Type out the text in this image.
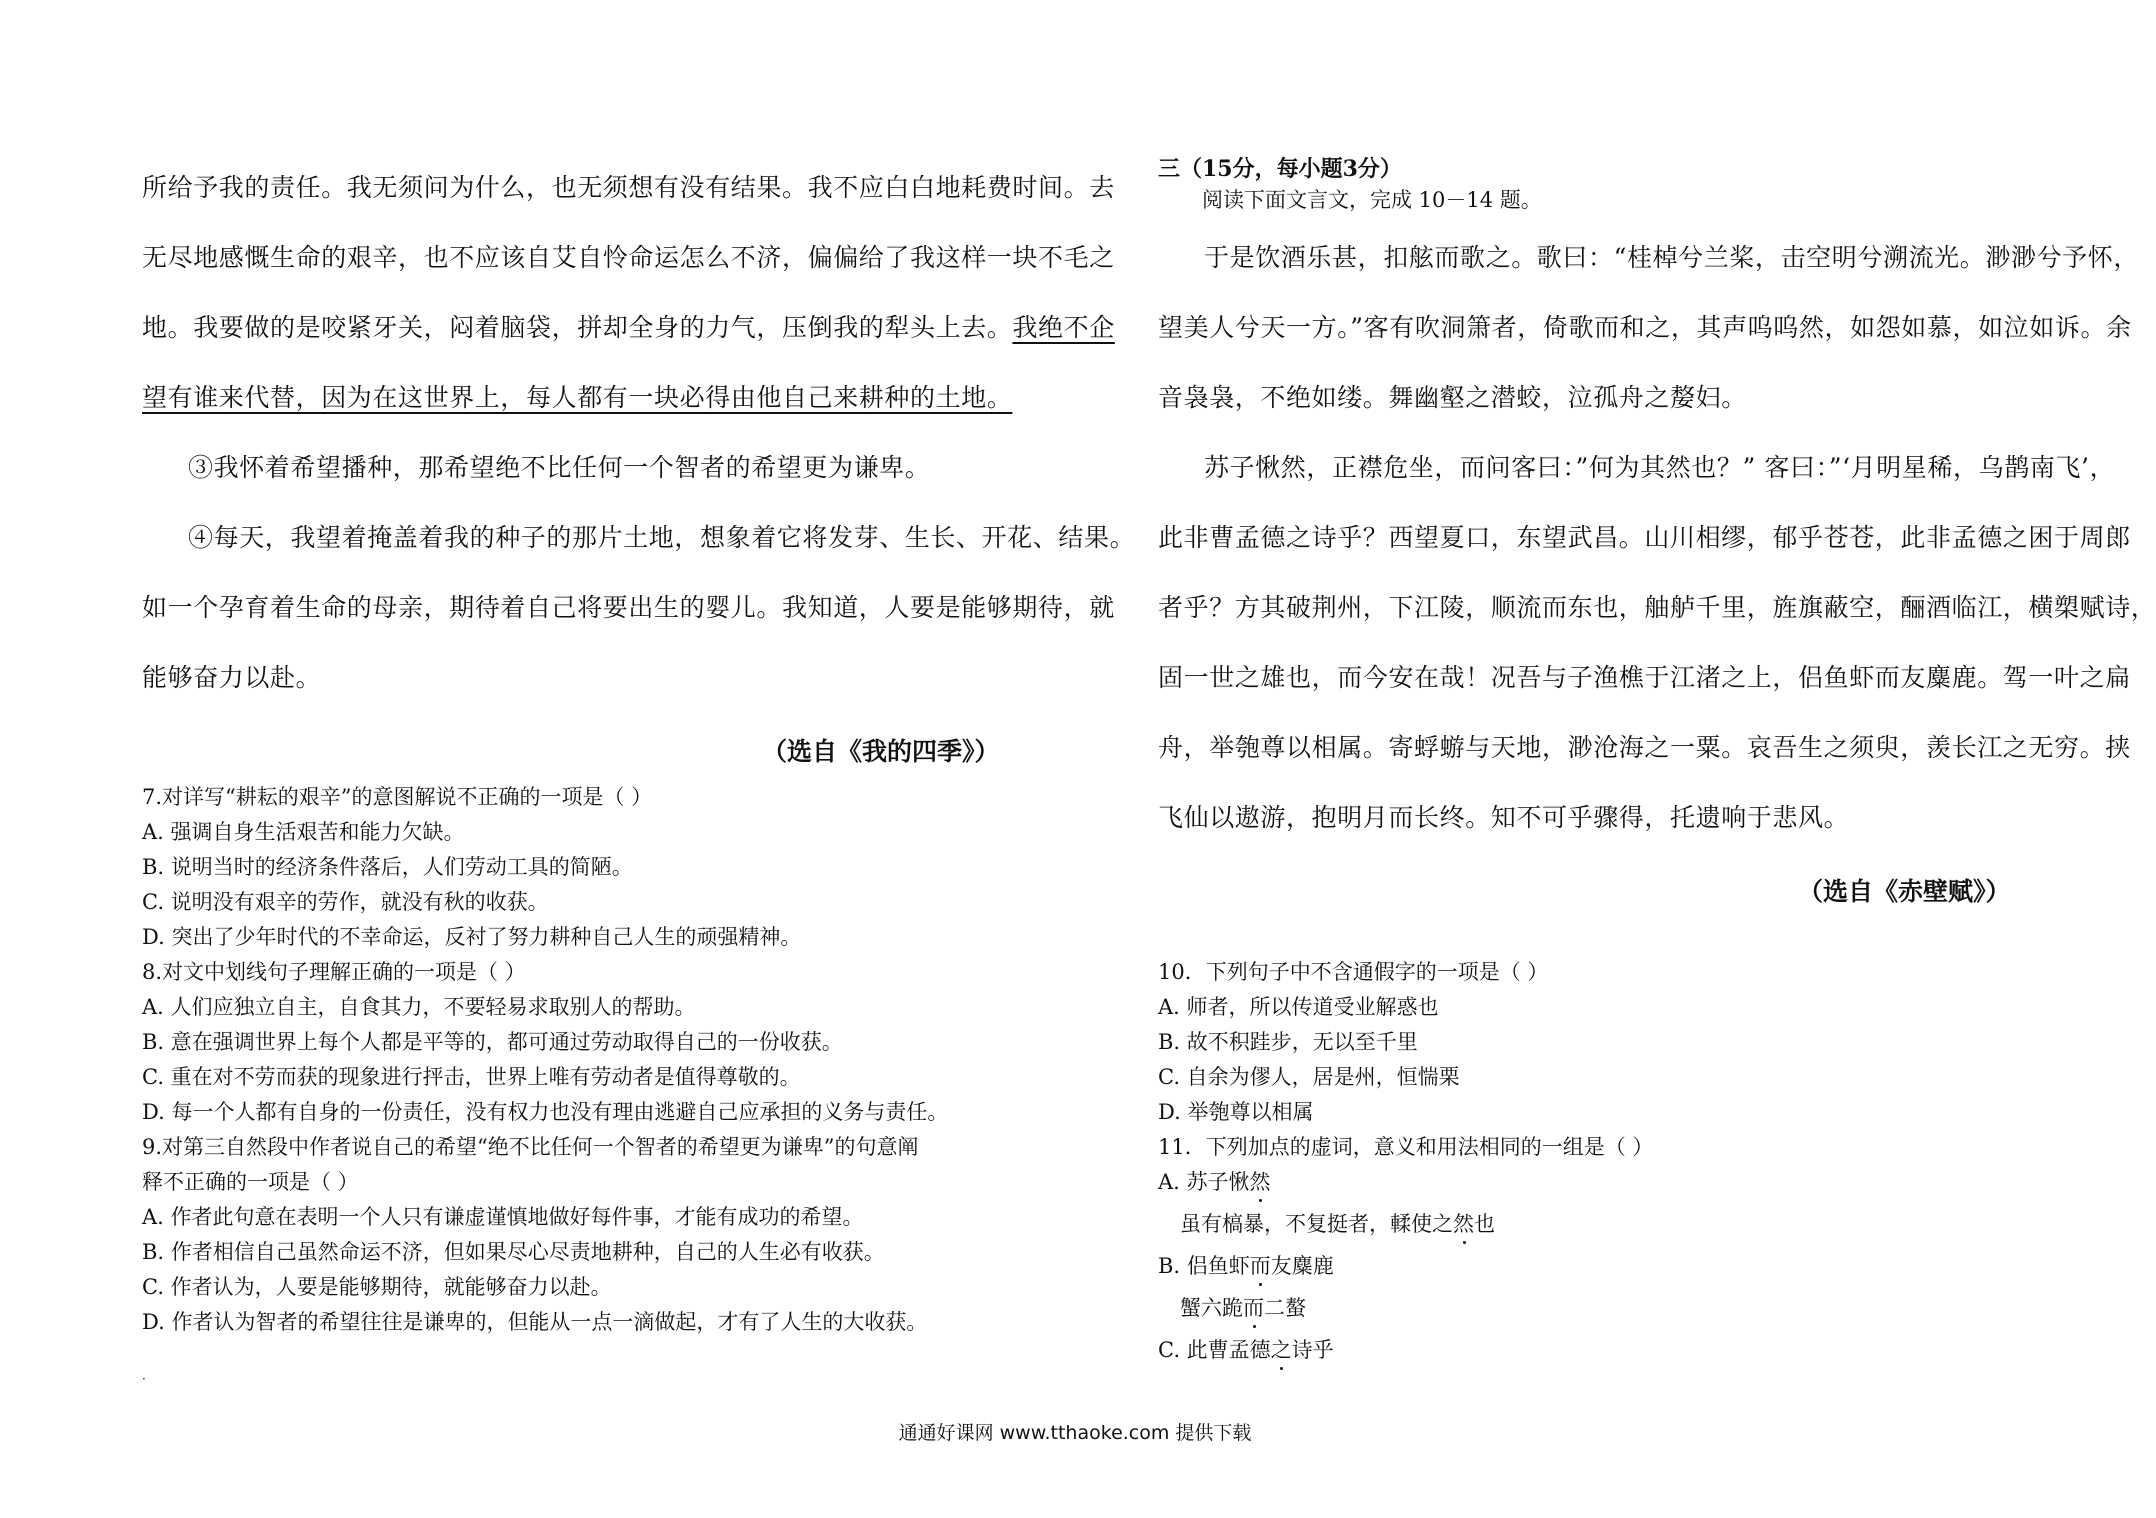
所给予我的责任。我无须问为什么，也无须想有没有结果。我不应白白地耗费时间。去
无尽地感慨生命的艰辛，也不应该自艾自怜命运怎么不济，偏偏给了我这样一块不毛之
地。我要做的是咬紧牙关，闷着脑袋，拼却全身的力气，压倒我的犁头上去。我绝不企
望有谁来代替，因为在这世界上，每人都有一块必得由他自己来耕种的土地。
③我怀着希望播种，那希望绝不比任何一个智者的希望更为谦卑。
④每天，我望着掩盖着我的种子的那片土地，想象着它将发芽、生长、开花、结果。
如一个孕育着生命的母亲，期待着自己将要出生的婴儿。我知道，人要是能够期待，就
能够奋力以赴。
（选自《我的四季》）
7.对详写“耕耘的艰辛”的意图解说不正确的一项是（ ）
A. 强调自身生活艰苦和能力欠缺。
B. 说明当时的经济条件落后，人们劳动工具的简陋。
C. 说明没有艰辛的劳作，就没有秋的收获。
D. 突出了少年时代的不幸命运，反衬了努力耕种自己人生的顽强精神。
8.对文中划线句子理解正确的一项是（ ）
A. 人们应独立自主，自食其力，不要轻易求取别人的帮助。
B. 意在强调世界上每个人都是平等的，都可通过劳动取得自己的一份收获。
C. 重在对不劳而获的现象进行抨击，世界上唯有劳动者是值得尊敬的。
D. 每一个人都有自身的一份责任，没有权力也没有理由逃避自己应承担的义务与责任。
9.对第三自然段中作者说自己的希望“绝不比任何一个智者的希望更为谦卑”的句意阐
释不正确的一项是（ ）
A. 作者此句意在表明一个人只有谦虚谨慎地做好每件事，才能有成功的希望。
B. 作者相信自己虽然命运不济，但如果尽心尽责地耕种，自己的人生必有收获。
C. 作者认为，人要是能够期待，就能够奋力以赴。
D. 作者认为智者的希望往往是谦卑的，但能从一点一滴做起，才有了人生的大收获。
·
三（15分，每小题3分）
阅读下面文言文，完成 10－14 题。
于是饮酒乐甚，扣舷而歌之。歌曰：“桂棹兮兰桨，击空明兮溯流光。渺渺兮予怀，
望美人兮天一方。”客有吹洞箫者，倚歌而和之，其声呜呜然，如怨如慕，如泣如诉。余
音袅袅，不绝如缕。舞幽壑之潜蛟，泣孤舟之嫠妇。
苏子愀然，正襟危坐，而问客曰：”何为其然也？” 客曰：”‘月明星稀，乌鹊南飞’，
此非曹孟德之诗乎？西望夏口，东望武昌。山川相缪，郁乎苍苍，此非孟德之困于周郎
者乎？方其破荆州，下江陵，顺流而东也，舳舻千里，旌旗蔽空，酾酒临江，横槊赋诗，
固一世之雄也，而今安在哉！况吾与子渔樵于江渚之上，侣鱼虾而友麋鹿。驾一叶之扁
舟，举匏尊以相属。寄蜉蝣与天地，渺沧海之一粟。哀吾生之须臾，羡长江之无穷。挟
飞仙以遨游，抱明月而长终。知不可乎骤得，托遗响于悲风。
（选自《赤壁赋》）
10．下列句子中不含通假字的一项是（ ）
A. 师者，所以传道受业解惑也
B. 故不积跬步，无以至千里
C. 自余为僇人，居是州，恒惴栗
D. 举匏尊以相属
11．下列加点的虚词，意义和用法相同的一组是（ ）
A. 苏子愀然
虽有槁暴，不复挺者，輮使之然也
B. 侣鱼虾而友麋鹿
蟹六跪而二螯
C. 此曹孟德之诗乎
通通好课网 www.tthaoke.com 提供下载
